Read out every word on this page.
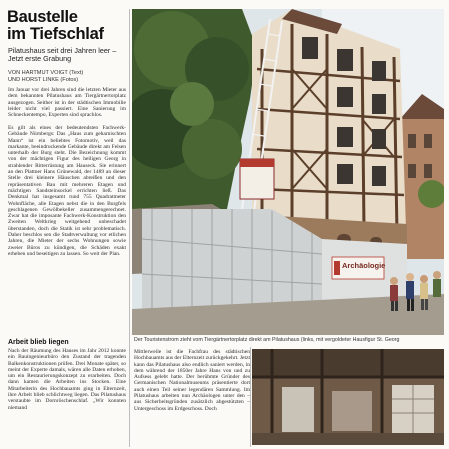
Baustelle
im Tiefschlaf

Pilatushaus seit drei Jahren leer – Jetzt erste Grabung

VON HARTMUT VOIGT (Text)
UND HORST LINKE (Fotos)

Im Januar vor drei Jahren sind die letzten Mieter aus dem bekannten Pilatushaus am Tiergärtnertorplatz ausgezogen. Seither ist in der städtischen Immobilie leider nicht viel passiert. Eine Sanierung im Schneckentempo, Experten sind sprachlos.

Es gilt als eines der bedeutendsten Fachwerk-Gebäude Nürnbergs: Das „Haus zum geharnischten Mann“ ist ein beliebtes Fotomotiv, weil das markante, beeindruckende Gebäude direkt am Felsen unterhalb der Burg steht. Die Bezeichnung kommt von der mächtigen Figur des heiligen Georg in strahlender Ritterrüstung am Hauseck. Sie erinnert an den Plattner Hans Grünewald, der 1489 an dieser Stelle drei kleinere Häuschen abreißen und den repräsentativen Bau mit mehreren Etagen und mächtigen Sandsteinsockel errichten ließ. Das Denkmal hat insgesamt rund 755 Quadratmeter Wohnfläche, alle Etagen nebst die in den Burgfels geschlagenen Gewölbekeller zusammengerechnet. Zwar hat die imposante Fachwerk-Konstruktion den Zweiten Weltkrieg weitgehend unbeschadet überstanden, doch die Statik ist sehr problematisch. Daher beschlos sen die Stadtverwaltung vor etlichen Jahren, die Mieter der sechs Wohnungen sowie zweier Büros zu kündigen, die Schäden exakt erheben und beseitigen zu lassen. So weit der Plan.

Arbeit blieb liegen

Nach der Räumung des Hauses im Jahr 2012 konnte ein Bauingenieurbüro den Zustand der tragenden Balkenkonstruktionen prüfen. Drei Monate später, so meint der Experte damals, wären alle Daten erhoben, um ein Restaurierungskonzept zu erarbeiten. Doch dann kamen die Arbeiten ins Stocken. Eine Mitarbeiterin des Hochbauamts ging in Elternzeit, ihre Arbeit blieb schlichtweg liegen. Das Pilatushaus verstaubte im Dornröschenschlaf. „Wir konnten niemand

Mittlerweile ist die Fachfrau des städtischen Hochbauamts aus der Elternzeit zurückgekehrt. Jetzt kann das Pilatushaus also endlich saniert werden, in dem während der 1850er Jahre Hans von und zu Aufsess gelebt hatte. Der berühmte Gründer des Germanischen Nationalmuseums präsentierte dort auch einen Teil seiner legendären Sammlung. Im Pilatushaus arbeiten nun Archäologen unter den – aus Sicherheitsgründen zusätzlich abgestützten – Untergeschoss im Erdgeschoss. Doch

Archäologie

Der Touristenstrom zieht vom Tiergärtnertorplatz direkt am Pilatushaus (links, mit vergoldeter Hausfigur St. Georg
